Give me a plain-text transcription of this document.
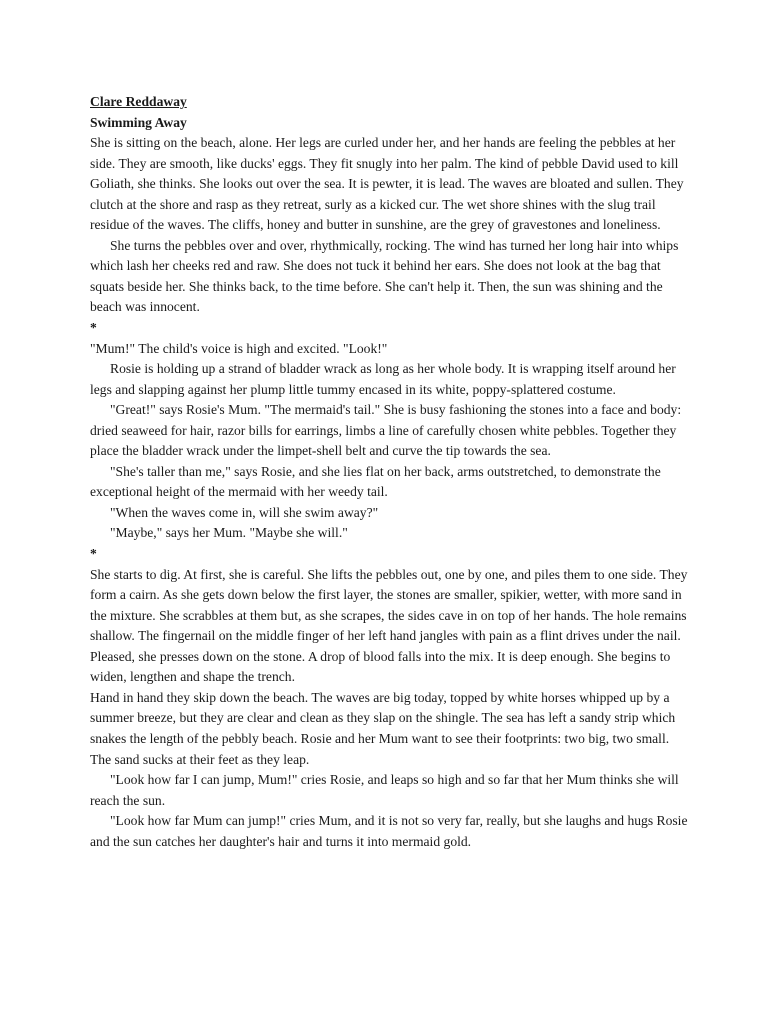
Clare Reddaway

Swimming Away

She is sitting on the beach, alone. Her legs are curled under her, and her hands are feeling the pebbles at her side. They are smooth, like ducks' eggs. They fit snugly into her palm. The kind of pebble David used to kill Goliath, she thinks. She looks out over the sea. It is pewter, it is lead. The waves are bloated and sullen. They clutch at the shore and rasp as they retreat, surly as a kicked cur. The wet shore shines with the slug trail residue of the waves. The cliffs, honey and butter in sunshine, are the grey of gravestones and loneliness.

She turns the pebbles over and over, rhythmically, rocking. The wind has turned her long hair into whips which lash her cheeks red and raw. She does not tuck it behind her ears. She does not look at the bag that squats beside her. She thinks back, to the time before. She can't help it. Then, the sun was shining and the beach was innocent.

*

"Mum!" The child's voice is high and excited. "Look!"

Rosie is holding up a strand of bladder wrack as long as her whole body. It is wrapping itself around her legs and slapping against her plump little tummy encased in its white, poppy-splattered costume.

"Great!" says Rosie's Mum. "The mermaid's tail." She is busy fashioning the stones into a face and body: dried seaweed for hair, razor bills for earrings, limbs a line of carefully chosen white pebbles. Together they place the bladder wrack under the limpet-shell belt and curve the tip towards the sea.

"She's taller than me," says Rosie, and she lies flat on her back, arms outstretched, to demonstrate the exceptional height of the mermaid with her weedy tail.

"When the waves come in, will she swim away?"

"Maybe," says her Mum. "Maybe she will."

*

She starts to dig. At first, she is careful. She lifts the pebbles out, one by one, and piles them to one side. They form a cairn. As she gets down below the first layer, the stones are smaller, spikier, wetter, with more sand in the mixture. She scrabbles at them but, as she scrapes, the sides cave in on top of her hands. The hole remains shallow. The fingernail on the middle finger of her left hand jangles with pain as a flint drives under the nail. Pleased, she presses down on the stone. A drop of blood falls into the mix. It is deep enough. She begins to widen, lengthen and shape the trench.

Hand in hand they skip down the beach. The waves are big today, topped by white horses whipped up by a summer breeze, but they are clear and clean as they slap on the shingle. The sea has left a sandy strip which snakes the length of the pebbly beach. Rosie and her Mum want to see their footprints: two big, two small. The sand sucks at their feet as they leap.

"Look how far I can jump, Mum!" cries Rosie, and leaps so high and so far that her Mum thinks she will reach the sun.

"Look how far Mum can jump!" cries Mum, and it is not so very far, really, but she laughs and hugs Rosie and the sun catches her daughter's hair and turns it into mermaid gold.
